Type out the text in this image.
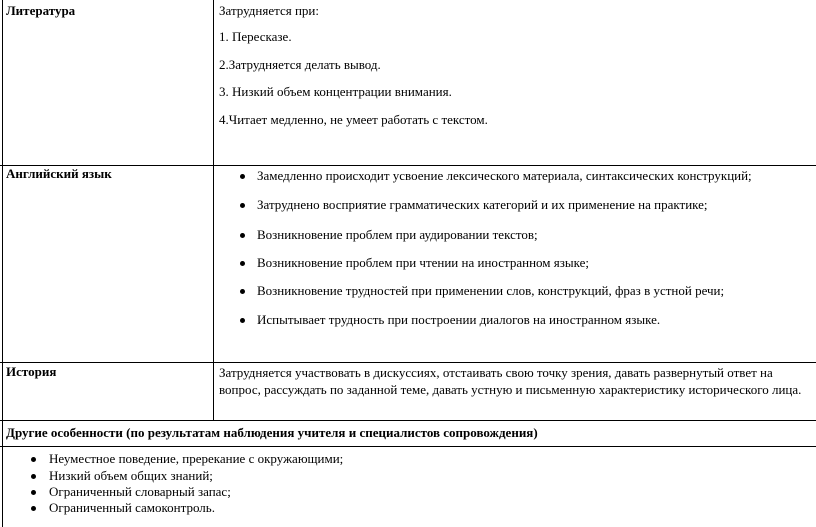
Литература	Затрудняется при:
1. Пересказе.
2.Затрудняется делать вывод.
3. Низкий объем концентрации внимания.
4.Читает медленно, не умеет работать с текстом.
Английский язык	Замедленно происходит усвоение лексического материала, синтаксических конструкций;
Затруднено восприятие грамматических категорий и их применение на практике;
Возникновение проблем при аудировании текстов;
Возникновение проблем при чтении на иностранном языке;
Возникновение трудностей при применении слов, конструкций, фраз в устной речи;
Испытывает трудность при построении диалогов на иностранном языке.
История	Затрудняется участвовать в дискуссиях, отстаивать свою точку зрения, давать развернутый ответ на
вопрос, рассуждать по заданной теме, давать устную и письменную характеристику исторического лица.
Другие особенности (по результатам наблюдения учителя и специалистов сопровождения)
Неуместное поведение, пререкание с окружающими;
Низкий объем общих знаний;
Ограниченный словарный запас;
Ограниченный самоконтроль.
